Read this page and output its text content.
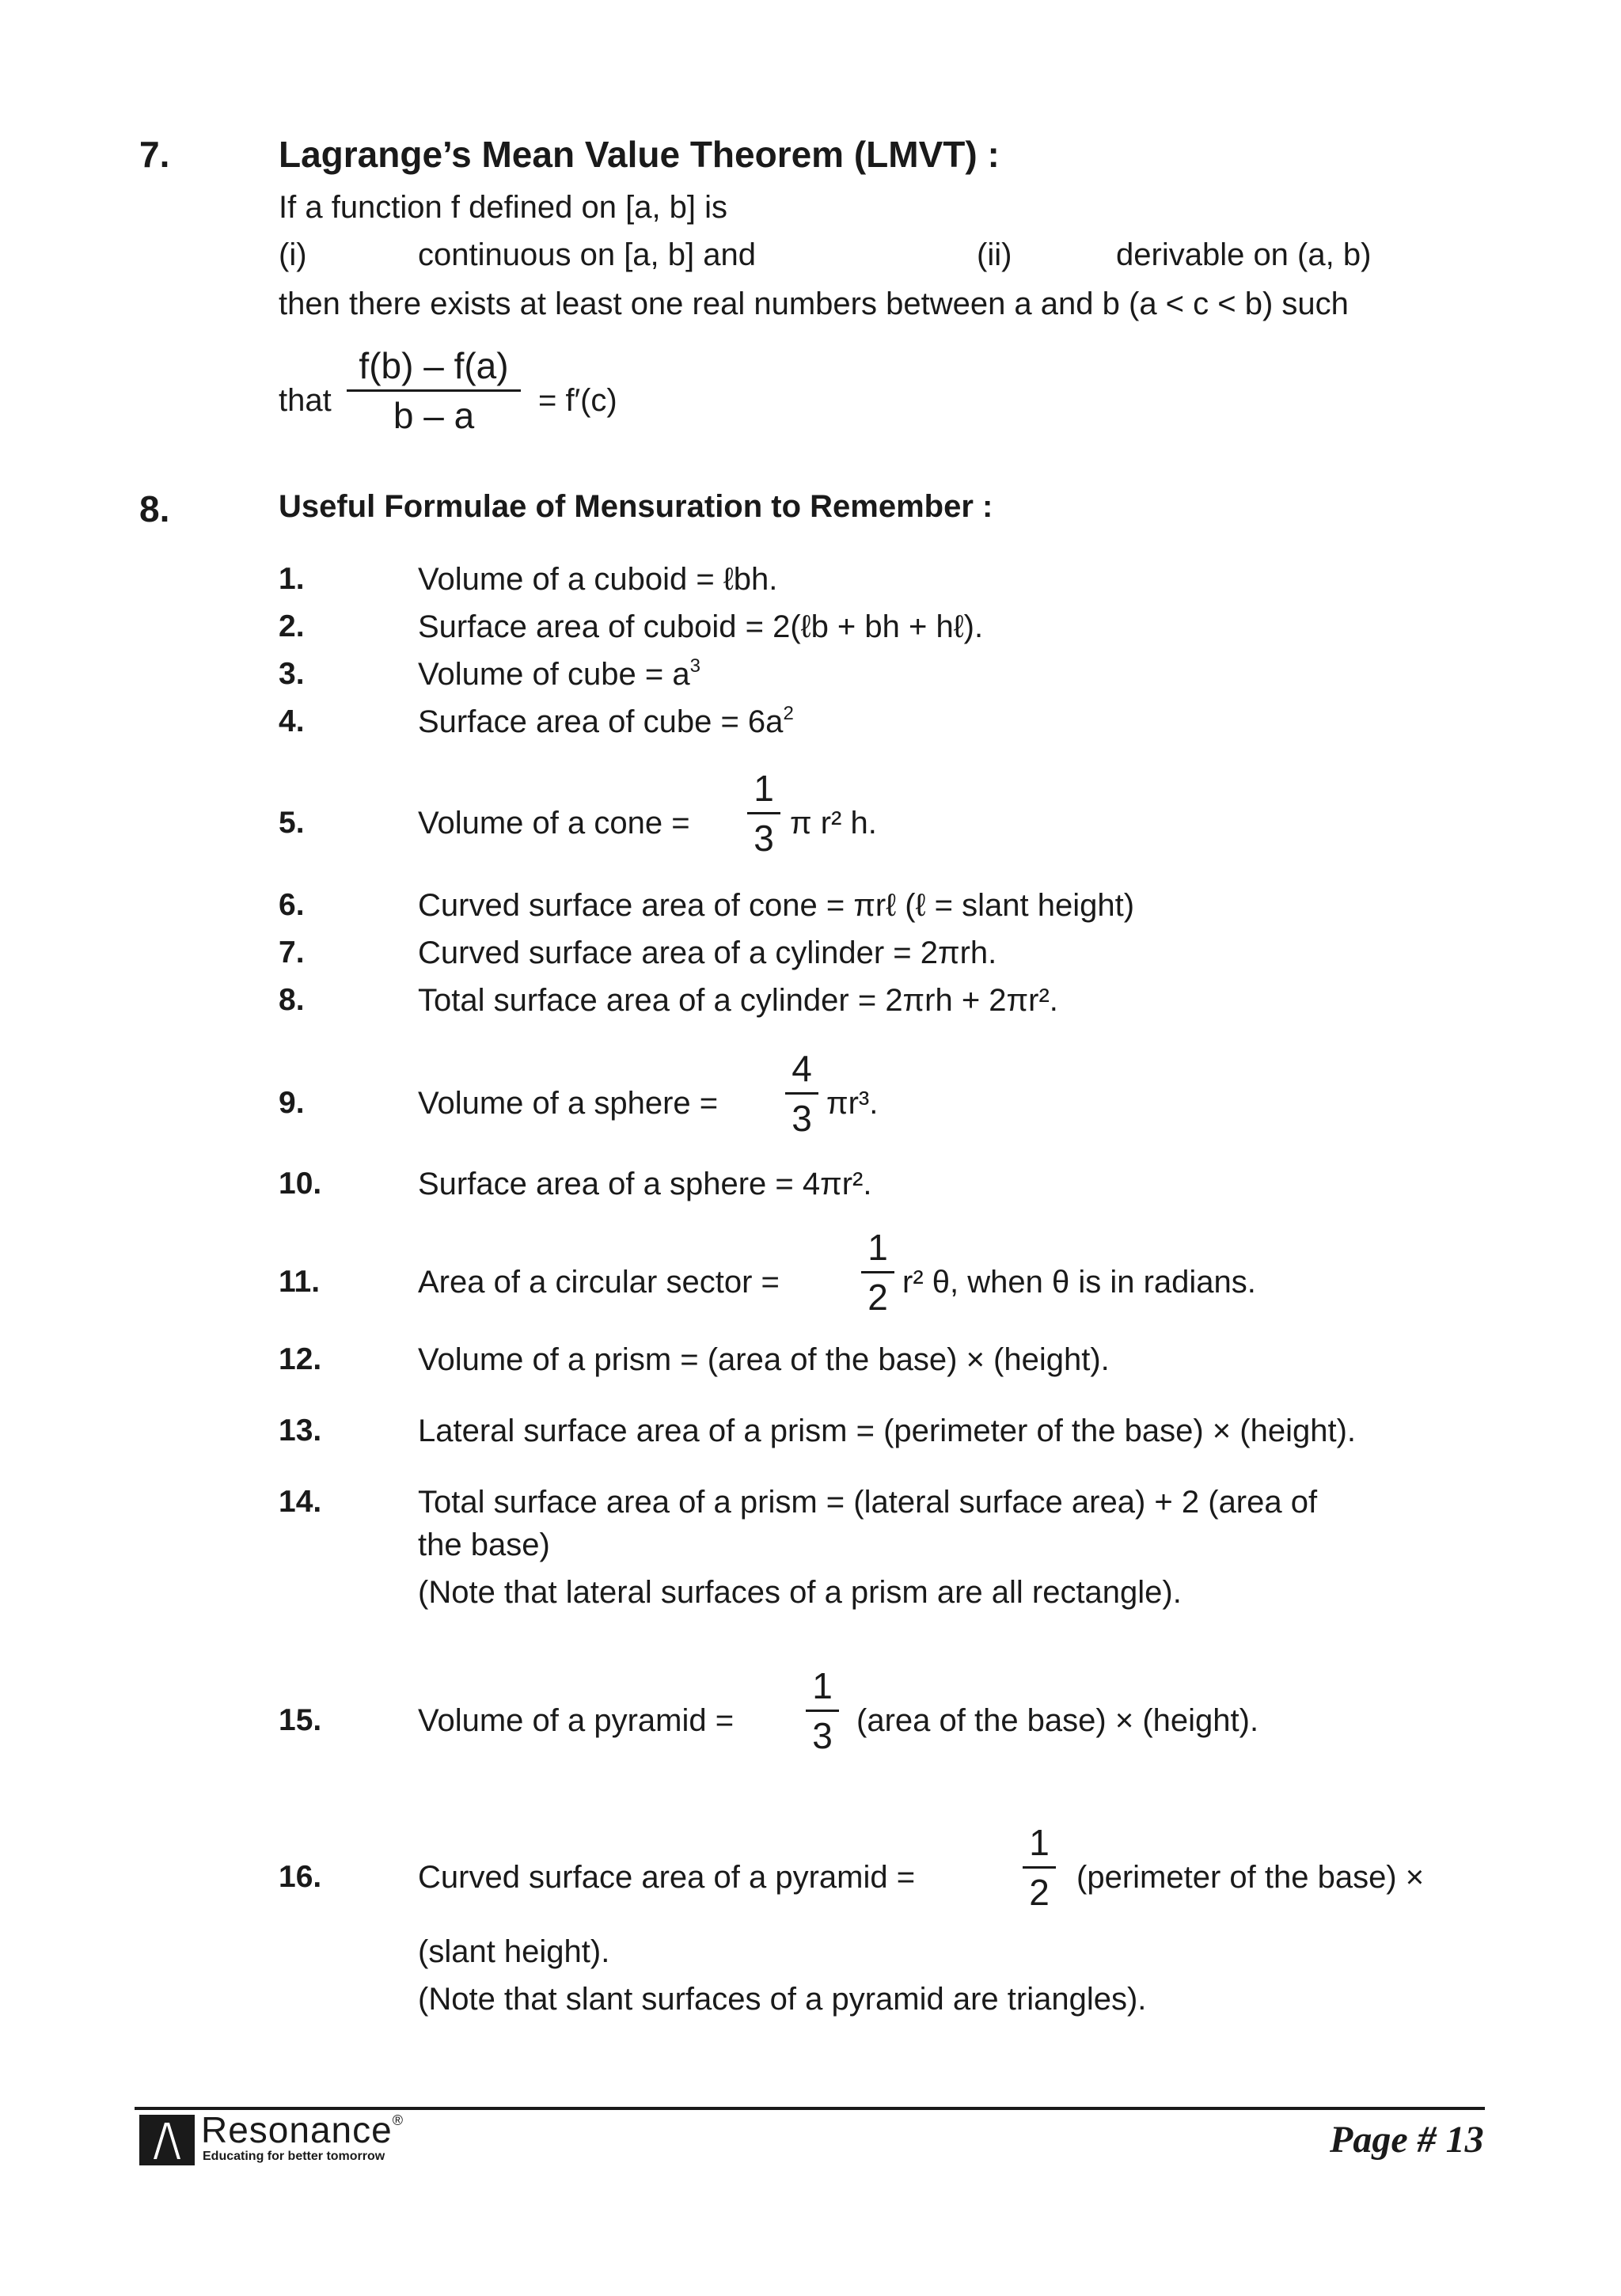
7.	Lagrange’s Mean Value Theorem (LMVT) :
If a function f defined on [a, b] is
(i)	continuous on [a, b] and	(ii)	derivable on (a, b)
then there exists at least one real numbers between a and b (a < c < b) such
that
f(b) – f(a)
b – a	= f′(c)
8.	Useful Formulae of Mensuration to Remember :
1.	Volume of a cuboid = ℓbh.
2.	Surface area of cuboid = 2(ℓb + bh + hℓ).
3.	Volume of cube = $a^3$
4.	Surface area of cube = $6a^2$
5.	Volume of a cone =
1
3 π r² h.
6.	Curved surface area of cone = πrℓ (ℓ = slant height)
7.	Curved surface area of a cylinder = 2πrh.
8.	Total surface area of a cylinder = 2πrh + 2πr².
9.	Volume of a sphere =
4
3 πr³.
10.	Surface area of a sphere = 4πr².
11.	Area of a circular sector =
1
2 r² θ, when θ is in radians.
12.	Volume of a prism = (area of the base) × (height).
13.	Lateral surface area of a prism = (perimeter of the base) × (height).
14.	Total surface area of a prism = (lateral surface area) + 2 (area of
the base)
(Note that lateral surfaces of a prism are all rectangle).
15.	Volume of a pyramid =
1
3 (area of the base) × (height).
16.	Curved surface area of a pyramid =
1
2 (perimeter of the base) ×
(slant height).
(Note that slant surfaces of a pyramid are triangles).
Resonance®
Educating for better tomorrow	Page # 13
